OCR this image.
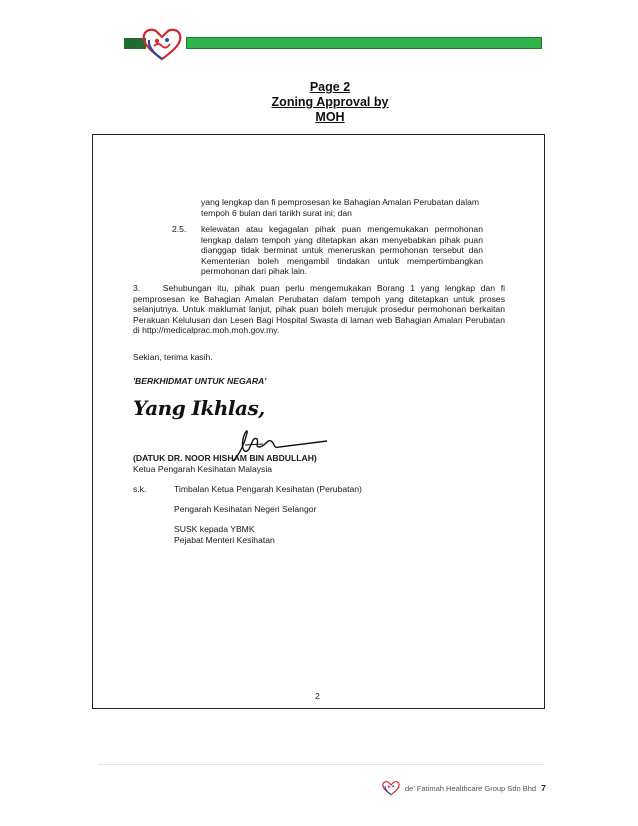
Page 2
Zoning Approval by
MOH
yang lengkap dan fi pemprosesan ke Bahagian Amalan Perubatan dalam tempoh 6 bulan dari tarikh surat ini; dan
2.5. kelewatan atau kegagalan pihak puan mengemukakan permohonan lengkap dalam tempoh yang ditetapkan akan menyebabkan pihak puan dianggap tidak berminat untuk meneruskan permohonan tersebut dan Kementerian boleh mengambil tindakan untuk mempertimbangkan permohonan dari pihak lain.
3.	Sehubungan itu, pihak puan perlu mengemukakan Borang 1 yang lengkap dan fi pemprosesan ke Bahagian Amalan Perubatan dalam tempoh yang ditetapkan untuk proses selanjutnya. Untuk maklumat lanjut, pihak puan boleh merujuk prosedur permohonan berkaitan Perakuan Kelulusan dan Lesen Bagi Hospital Swasta di laman web Bahagian Amalan Perubatan di http://medicalprac.moh.moh.gov.my.
Sekian, terima kasih.
'BERKHIDMAT UNTUK NEGARA'
Yang Ikhlas,
(DATUK DR. NOOR HISHAM BIN ABDULLAH)
Ketua Pengarah Kesihatan Malaysia
s.k.	Timbalan Ketua Pengarah Kesihatan (Perubatan)
Pengarah Kesihatan Negeri Selangor
SUSK kepada YBMK
Pejabat Menteri Kesihatan
2
de' Fatimah Healthcare Group Sdn Bhd 7
